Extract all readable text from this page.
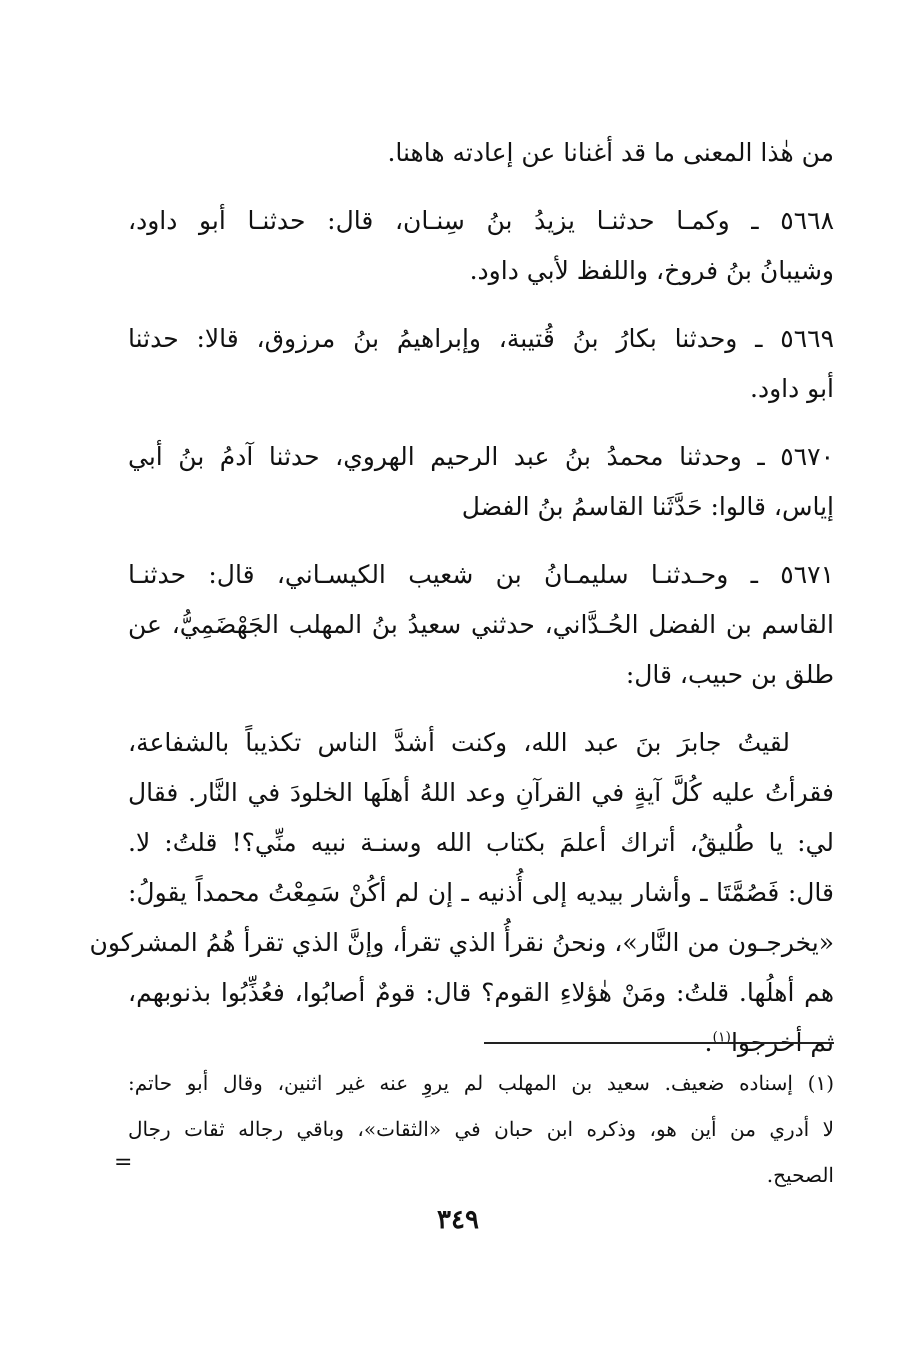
من هٰذا المعنى ما قد أغنانا عن إعادته هاهنا.
٥٦٦٨ ـ وكمـا حدثنـا يزيدُ بنُ سِنـان، قال: حدثنـا أبو داود،
وشيبانُ بنُ فروخ، واللفظ لأبي داود.
٥٦٦٩ ـ وحدثنا بكارُ بنُ قُتيبة، وإبراهيمُ بنُ مرزوق، قالا: حدثنا
أبو داود.
٥٦٧٠ ـ وحدثنا محمدُ بنُ عبد الرحيم الهروي، حدثنا آدمُ بنُ أبي
إياس، قالوا: حَدَّثَنا القاسمُ بنُ الفضل
٥٦٧١ ـ وحـدثنـا سليمـانُ بن شعيب الكيسـاني، قال: حدثنـا
القاسم بن الفضل الحُـدَّاني، حدثني سعيدُ بنُ المهلب الجَهْضَمِيُّ، عن
طلق بن حبيب، قال:
لقيتُ جابرَ بنَ عبد الله، وكنت أشدَّ الناس تكذيباً بالشفاعة،
فقرأتُ عليه كُلَّ آيةٍ في القرآنِ وعد اللهُ أهلَها الخلودَ في النَّار. فقال
لي: يا طُليقُ، أتراك أعلمَ بكتاب الله وسنـة نبيه منِّي؟! قلتُ: لا.
قال: فَصُمَّتَا ـ وأشار بيديه إلى أُذنيه ـ إن لم أكُنْ سَمِعْتُ محمداً يقولُ:
«يخرجـون من النَّار»، ونحنُ نقرأُ الذي تقرأ، وإنَّ الذي تقرأ هُمُ المشركون
هم أهلُها. قلتُ: ومَنْ هٰؤلاءِ القوم؟ قال: قومٌ أصابُوا، فعُذِّبُوا بذنوبهم،
ثم أخرجوا$^{(١)}$.
(١) إسناده ضعيف. سعيد بن المهلب لم يروِ عنه غير اثنين، وقال أبو حاتم:
لا أدري من أين هو، وذكره ابن حبان في «الثقات»، وباقي رجاله ثقات رجال
الصحيح.
=
٣٤٩
